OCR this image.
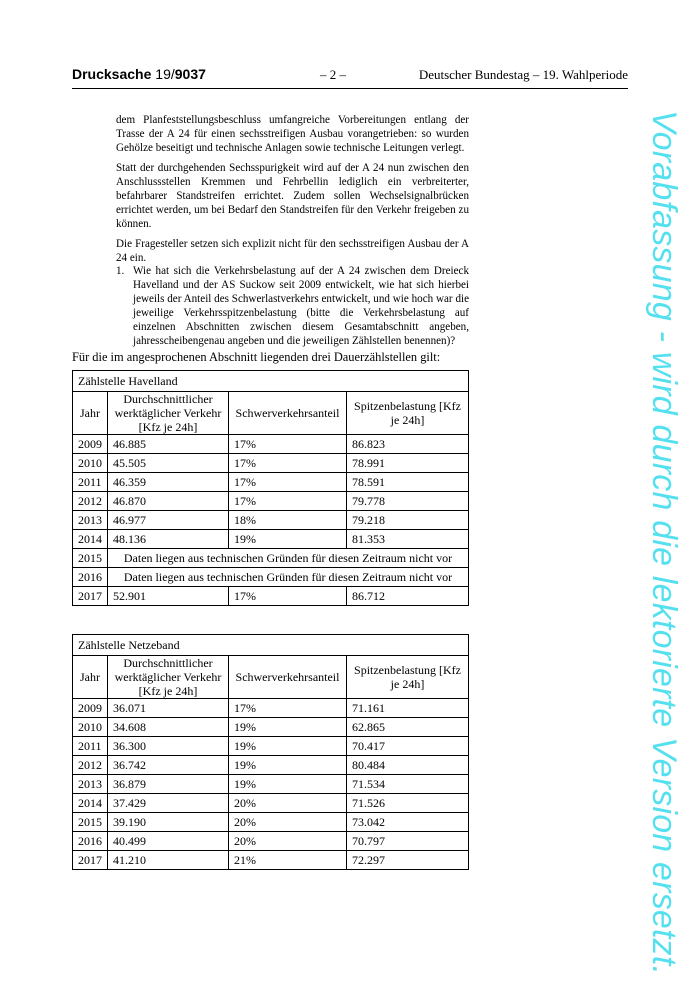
Drucksache 19/9037	– 2 –	Deutscher Bundestag – 19. Wahlperiode

dem Planfeststellungsbeschluss umfangreiche Vorbereitungen entlang der Trasse der A 24 für einen sechsstreifigen Ausbau vorangetrieben: so wurden Gehölze beseitigt und technische Anlagen sowie technische Leitungen verlegt.

Statt der durchgehenden Sechsspurigkeit wird auf der A 24 nun zwischen den Anschlussstellen Kremmen und Fehrbellin lediglich ein verbreiterter, befahrbarer Standstreifen errichtet. Zudem sollen Wechselsignalbrücken errichtet werden, um bei Bedarf den Standstreifen für den Verkehr freigeben zu können.

Die Fragesteller setzen sich explizit nicht für den sechsstreifigen Ausbau der A 24 ein.

1. Wie hat sich die Verkehrsbelastung auf der A 24 zwischen dem Dreieck Havelland und der AS Suckow seit 2009 entwickelt, wie hat sich hierbei jeweils der Anteil des Schwerlastverkehrs entwickelt, und wie hoch war die jeweilige Verkehrsspitzenbelastung (bitte die Verkehrsbelastung auf einzelnen Abschnitten zwischen diesem Gesamtabschnitt angeben, jahresscheibengenau angeben und die jeweiligen Zählstellen benennen)?
Für die im angesprochenen Abschnitt liegenden drei Dauerzählstellen gilt:
Zählstelle Havelland			
Jahr	Durchschnittlicher werktäglicher Verkehr [Kfz je 24h]	Schwerverkehrsanteil	Spitzenbelastung [Kfz je 24h]
2009	46.885	17%	86.823
2010	45.505	17%	78.991
2011	46.359	17%	78.591
2012	46.870	17%	79.778
2013	46.977	18%	79.218
2014	48.136	19%	81.353
2015	Daten liegen aus technischen Gründen für diesen Zeitraum nicht vor		
2016	Daten liegen aus technischen Gründen für diesen Zeitraum nicht vor		
2017	52.901	17%	86.712
Zählstelle Netzeband			
Jahr	Durchschnittlicher werktäglicher Verkehr [Kfz je 24h]	Schwerverkehrsanteil	Spitzenbelastung [Kfz je 24h]
2009	36.071	17%	71.161
2010	34.608	19%	62.865
2011	36.300	19%	70.417
2012	36.742	19%	80.484
2013	36.879	19%	71.534
2014	37.429	20%	71.526
2015	39.190	20%	73.042
2016	40.499	20%	70.797
2017	41.210	21%	72.297	Vorabfassung - wird durch die lektorierte Version ersetzt.
